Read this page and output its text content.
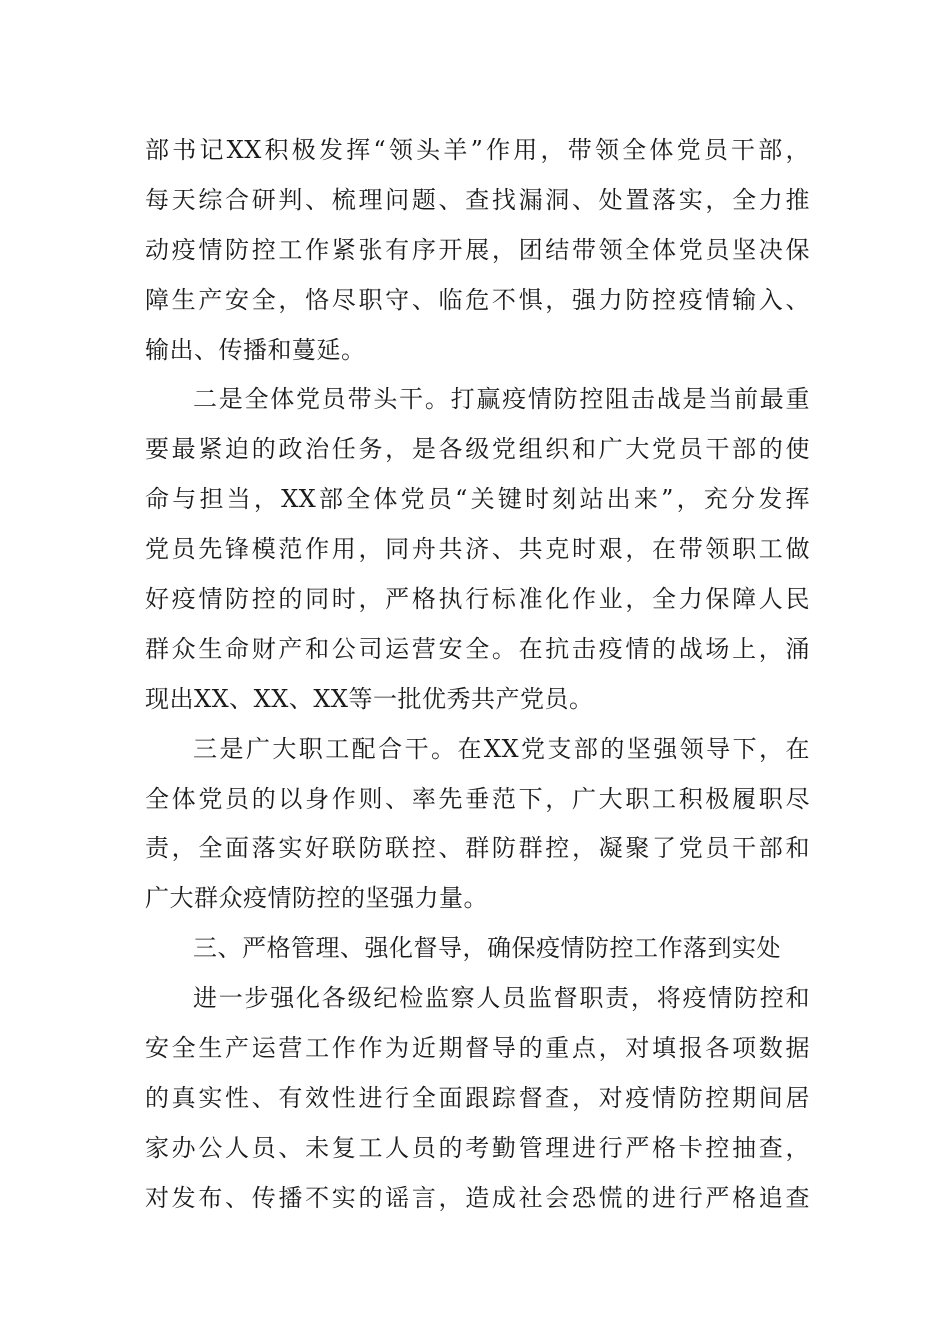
部书记XX积极发挥“领头羊”作用，带领全体党员干部，
每天综合研判、梳理问题、查找漏洞、处置落实，全力推
动疫情防控工作紧张有序开展，团结带领全体党员坚决保
障生产安全，恪尽职守、临危不惧，强力防控疫情输入、
输出、传播和蔓延。
二是全体党员带头干。打赢疫情防控阻击战是当前最重
要最紧迫的政治任务，是各级党组织和广大党员干部的使
命与担当，XX部全体党员“关键时刻站出来”，充分发挥
党员先锋模范作用，同舟共济、共克时艰，在带领职工做
好疫情防控的同时，严格执行标准化作业，全力保障人民
群众生命财产和公司运营安全。在抗击疫情的战场上，涌
现出XX、XX、XX等一批优秀共产党员。
三是广大职工配合干。在XX党支部的坚强领导下，在
全体党员的以身作则、率先垂范下，广大职工积极履职尽
责，全面落实好联防联控、群防群控，凝聚了党员干部和
广大群众疫情防控的坚强力量。
三、严格管理、强化督导，确保疫情防控工作落到实处
进一步强化各级纪检监察人员监督职责，将疫情防控和
安全生产运营工作作为近期督导的重点，对填报各项数据
的真实性、有效性进行全面跟踪督查，对疫情防控期间居
家办公人员、未复工人员的考勤管理进行严格卡控抽查，
对发布、传播不实的谣言，造成社会恐慌的进行严格追查
